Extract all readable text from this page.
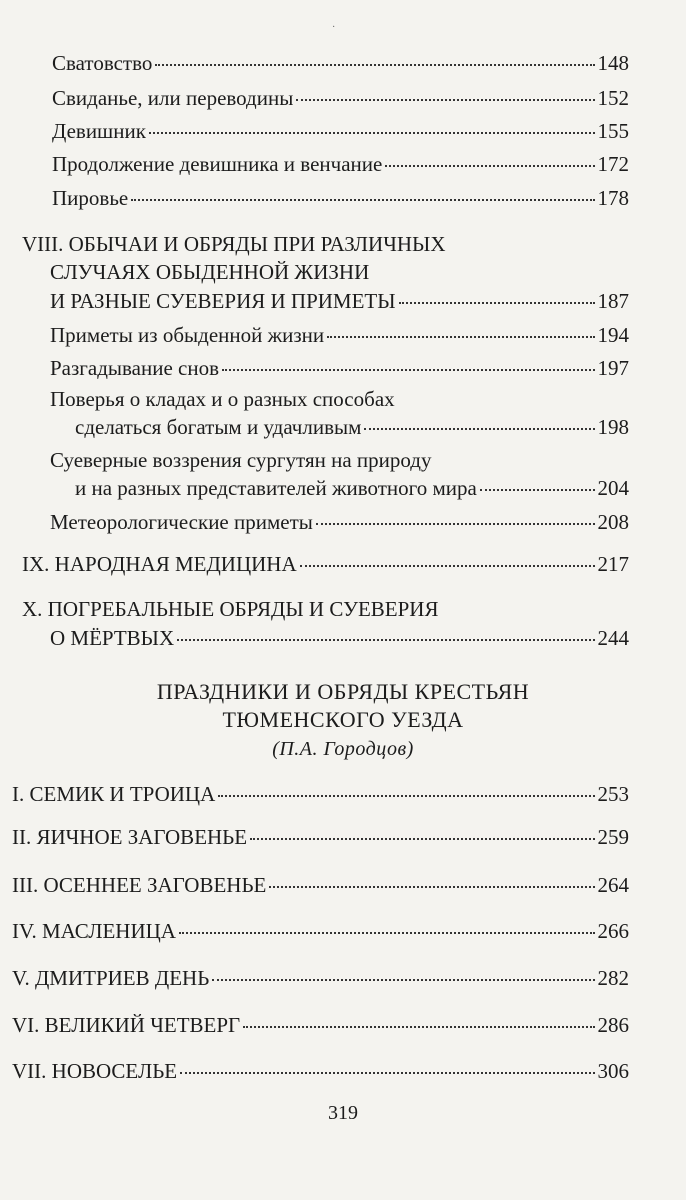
·
Сватовство	148
Свиданье, или переводины	152
Девишник	155
Продолжение девишника и венчание	172
Пировье	178
VIII. ОБЫЧАИ И ОБРЯДЫ ПРИ РАЗЛИЧНЫХ
СЛУЧАЯХ ОБЫДЕННОЙ ЖИЗНИ
И РАЗНЫЕ СУЕВЕРИЯ И ПРИМЕТЫ	187
Приметы из обыденной жизни	194
Разгадывание снов	197
Поверья о кладах и о разных способах
сделаться богатым и удачливым	198
Суеверные воззрения сургутян на природу
и на разных представителей животного мира	204
Метеорологические приметы	208
IX. НАРОДНАЯ МЕДИЦИНА	217
X. ПОГРЕБАЛЬНЫЕ ОБРЯДЫ И СУЕВЕРИЯ
О МЁРТВЫХ	244
ПРАЗДНИКИ И ОБРЯДЫ КРЕСТЬЯН
ТЮМЕНСКОГО УЕЗДА
(П.А. Городцов)
I. СЕМИК И ТРОИЦА	253
II. ЯИЧНОЕ ЗАГОВЕНЬЕ	259
III. ОСЕННЕЕ ЗАГОВЕНЬЕ	264
IV. МАСЛЕНИЦА	266
V. ДМИТРИЕВ ДЕНЬ	282
VI. ВЕЛИКИЙ ЧЕТВЕРГ	286
VII. НОВОСЕЛЬЕ	306
319
